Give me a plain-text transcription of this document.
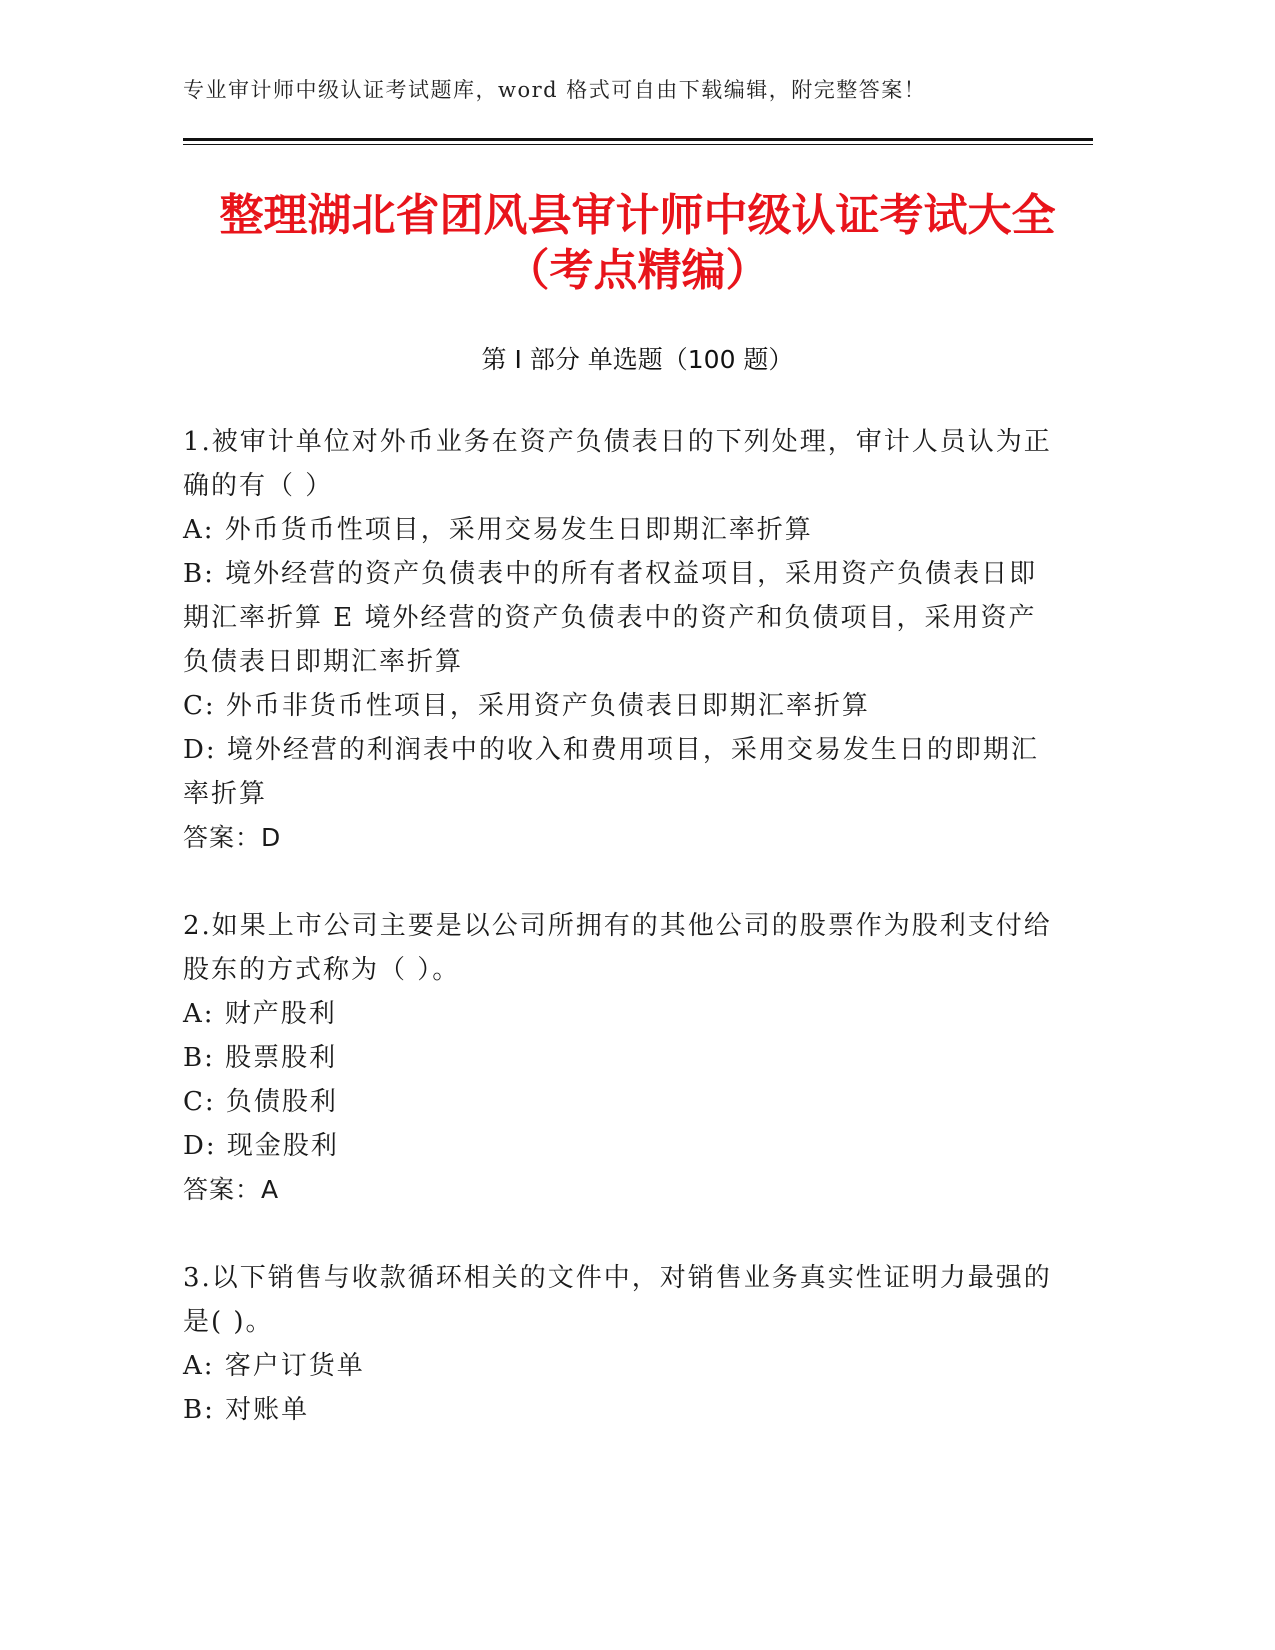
专业审计师中级认证考试题库，word 格式可自由下载编辑，附完整答案！
整理湖北省团风县审计师中级认证考试大全
（考点精编）
第 I 部分 单选题（100 题）

1.被审计单位对外币业务在资产负债表日的下列处理，审计人员认为正确的有（ ）

A: 外币货币性项目，采用交易发生日即期汇率折算

B: 境外经营的资产负债表中的所有者权益项目，采用资产负债表日即期汇率折算 E 境外经营的资产负债表中的资产和负债项目，采用资产负债表日即期汇率折算

C: 外币非货币性项目，采用资产负债表日即期汇率折算

D: 境外经营的利润表中的收入和费用项目，采用交易发生日的即期汇率折算

答案：D

2.如果上市公司主要是以公司所拥有的其他公司的股票作为股利支付给股东的方式称为（ ）。

A: 财产股利

B: 股票股利

C: 负债股利

D: 现金股利

答案：A

3.以下销售与收款循环相关的文件中，对销售业务真实性证明力最强的是( )。

A: 客户订货单

B: 对账单
